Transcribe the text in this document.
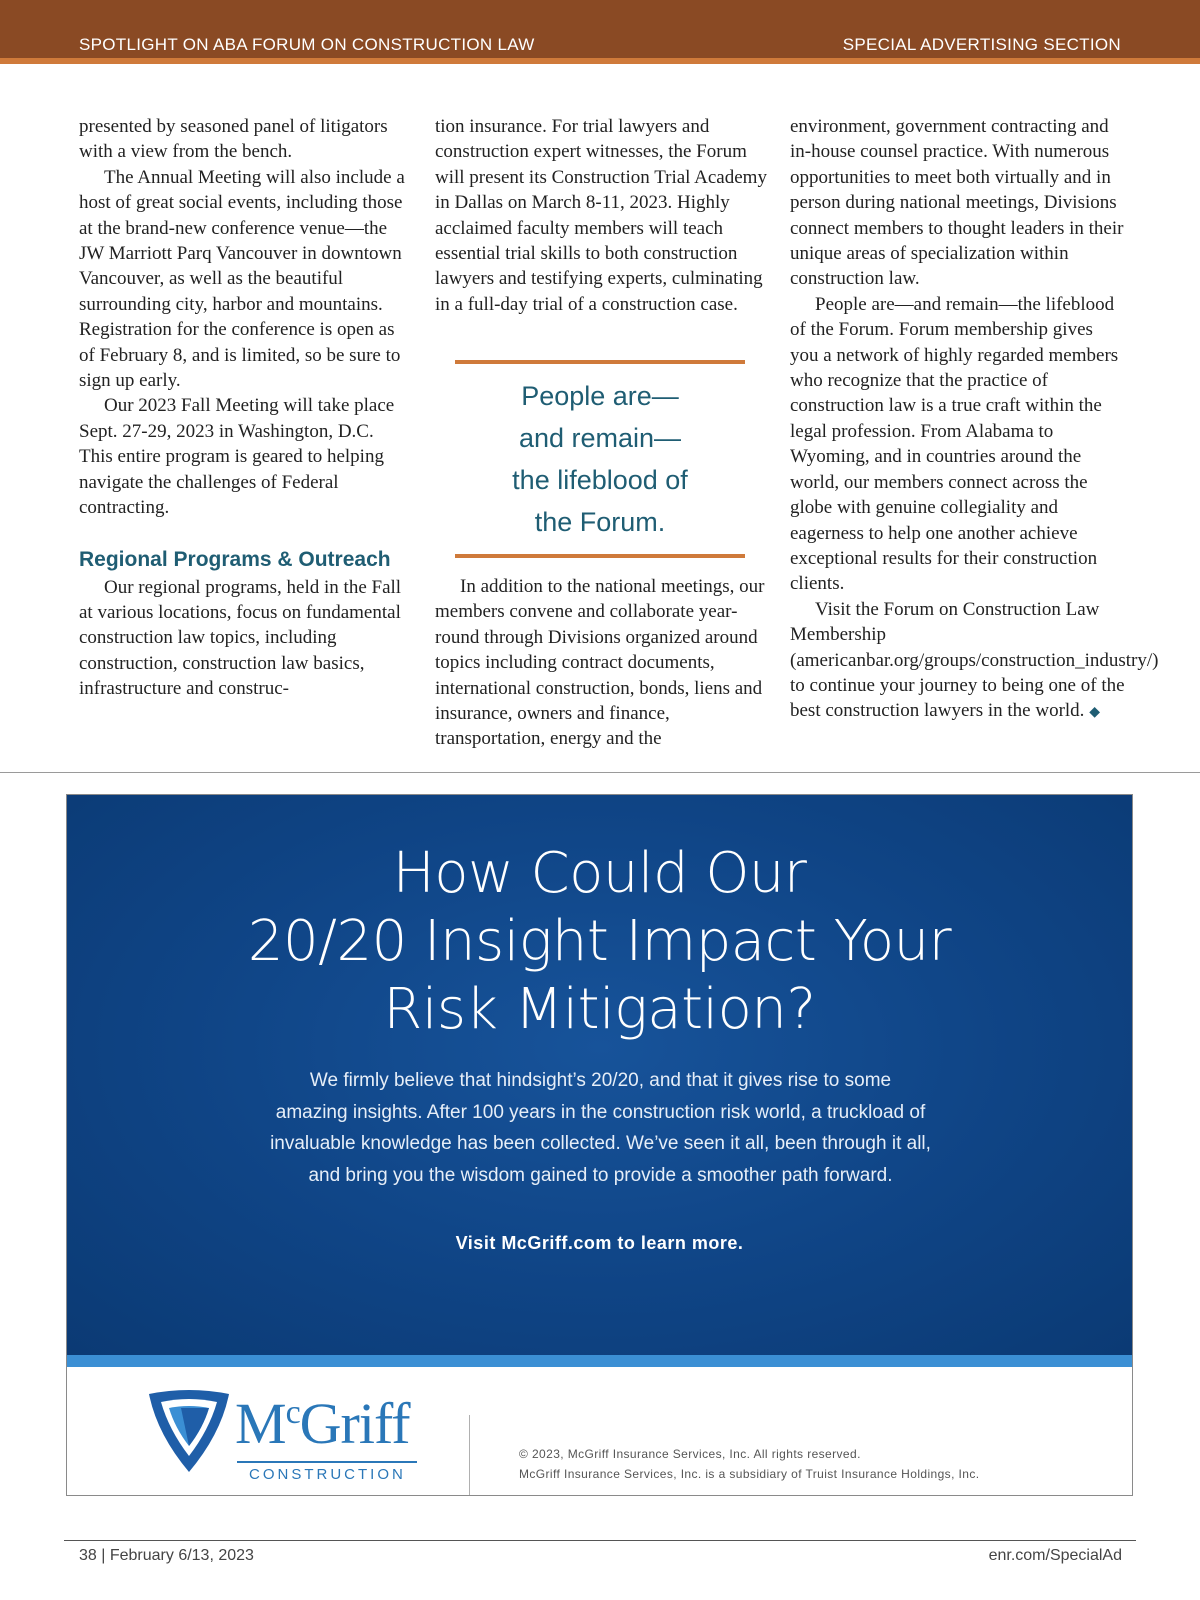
SPOTLIGHT ON ABA FORUM ON CONSTRUCTION LAW	SPECIAL ADVERTISING SECTION

presented by seasoned panel of litigators with a view from the bench.

The Annual Meeting will also include a host of great social events, including those at the brand-new conference venue—the JW Marriott Parq Vancouver in downtown Vancouver, as well as the beautiful surrounding city, harbor and mountains. Registration for the conference is open as of February 8, and is limited, so be sure to sign up early.

Our 2023 Fall Meeting will take place Sept. 27-29, 2023 in Washington, D.C. This entire program is geared to helping navigate the challenges of Federal contracting.

Regional Programs & Outreach

Our regional programs, held in the Fall at various locations, focus on fundamental construction law topics, including construction, construction law basics, infrastructure and construc-

tion insurance. For trial lawyers and construction expert witnesses, the Forum will present its Construction Trial Academy in Dallas on March 8-11, 2023. Highly acclaimed faculty members will teach essential trial skills to both construction lawyers and testifying experts, culminating in a full-day trial of a construction case.

People are—
and remain—
the lifeblood of
the Forum.

In addition to the national meetings, our members convene and collaborate year-round through Divisions organized around topics including contract documents, international construction, bonds, liens and insurance, owners and finance, transportation, energy and the

environment, government contracting and in-house counsel practice. With numerous opportunities to meet both virtually and in person during national meetings, Divisions connect members to thought leaders in their unique areas of specialization within construction law.

People are—and remain—the lifeblood of the Forum. Forum membership gives you a network of highly regarded members who recognize that the practice of construction law is a true craft within the legal profession. From Alabama to Wyoming, and in countries around the world, our members connect across the globe with genuine collegiality and eagerness to help one another achieve exceptional results for their construction clients.

Visit the Forum on Construction Law Membership (americanbar.org/groups/construction_industry/) to continue your journey to being one of the best construction lawyers in the world. ◆

How Could Our
20/20 Insight Impact Your
Risk Mitigation?
We firmly believe that hindsight’s 20/20, and that it gives rise to some
amazing insights. After 100 years in the construction risk world, a truckload of
invaluable knowledge has been collected. We’ve seen it all, been through it all,
and bring you the wisdom gained to provide a smoother path forward.
Visit McGriff.com to learn more.
$M^cGriff$
CONSTRUCTION
© 2023, McGriff Insurance Services, Inc. All rights reserved.
McGriff Insurance Services, Inc. is a subsidiary of Truist Insurance Holdings, Inc.
38 | February 6/13, 2023	enr.com/SpecialAd
